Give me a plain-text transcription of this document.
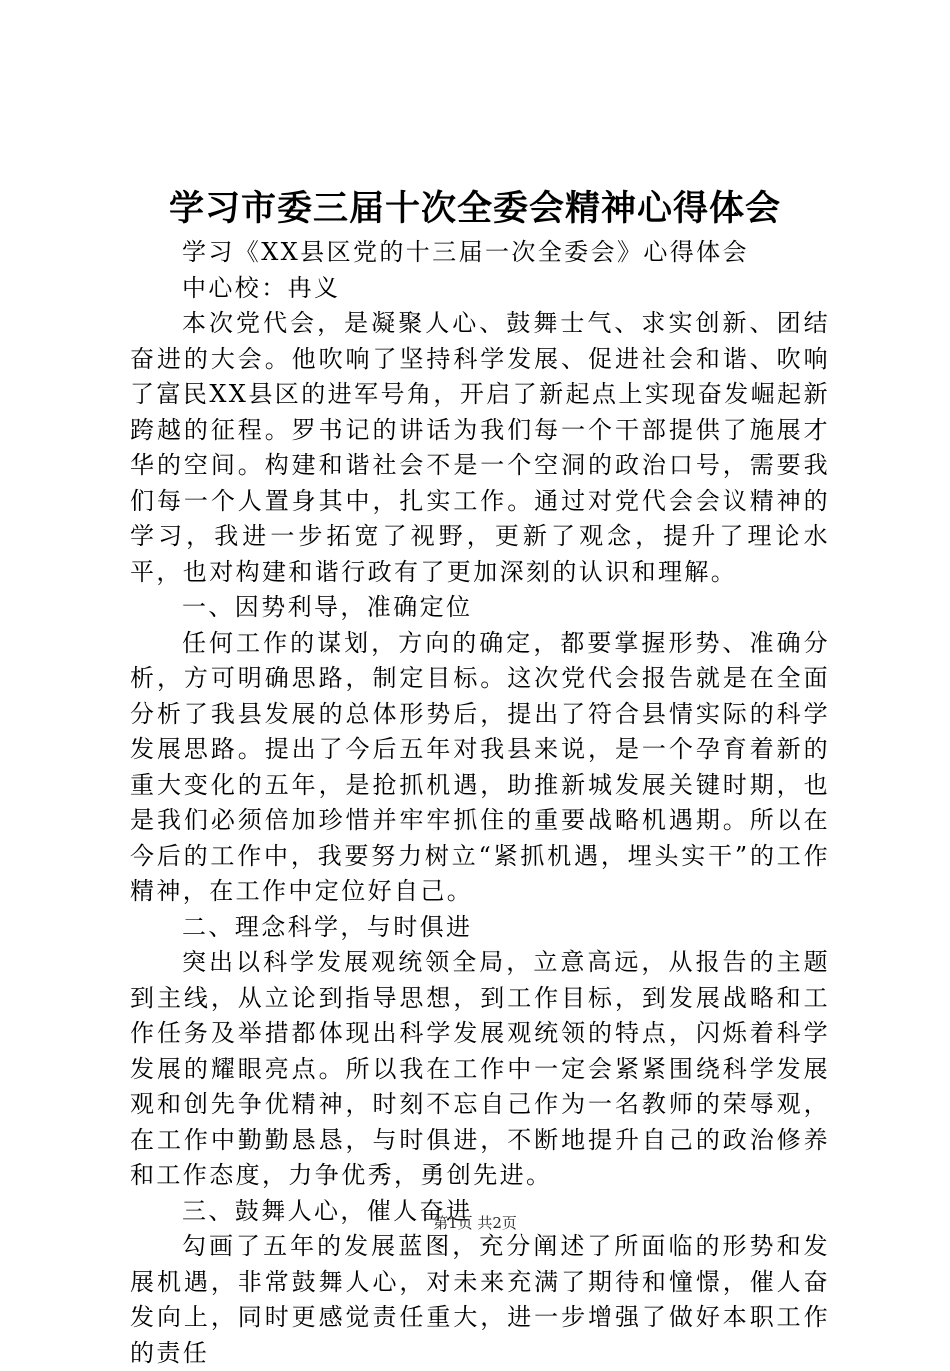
学习市委三届十次全委会精神心得体会

学习《XX县区党的十三届一次全委会》心得体会

中心校：冉义

本次党代会，是凝聚人心、鼓舞士气、求实创新、团结奋进的大会。他吹响了坚持科学发展、促进社会和谐、吹响了富民XX县区的进军号角，开启了新起点上实现奋发崛起新跨越的征程。罗书记的讲话为我们每一个干部提供了施展才华的空间。构建和谐社会不是一个空洞的政治口号，需要我们每一个人置身其中，扎实工作。通过对党代会会议精神的学习，我进一步拓宽了视野，更新了观念，提升了理论水平，也对构建和谐行政有了更加深刻的认识和理解。

一、因势利导，准确定位

任何工作的谋划，方向的确定，都要掌握形势、准确分析，方可明确思路，制定目标。这次党代会报告就是在全面分析了我县发展的总体形势后，提出了符合县情实际的科学发展思路。提出了今后五年对我县来说，是一个孕育着新的重大变化的五年，是抢抓机遇，助推新城发展关键时期，也是我们必须倍加珍惜并牢牢抓住的重要战略机遇期。所以在今后的工作中，我要努力树立“紧抓机遇，埋头实干”的工作精神，在工作中定位好自己。

二、理念科学，与时俱进

突出以科学发展观统领全局，立意高远，从报告的主题到主线，从立论到指导思想，到工作目标，到发展战略和工作任务及举措都体现出科学发展观统领的特点，闪烁着科学发展的耀眼亮点。所以我在工作中一定会紧紧围绕科学发展观和创先争优精神，时刻不忘自己作为一名教师的荣辱观，在工作中勤勤恳恳，与时俱进，不断地提升自己的政治修养和工作态度，力争优秀，勇创先进。

三、鼓舞人心，催人奋进

勾画了五年的发展蓝图，充分阐述了所面临的形势和发展机遇，非常鼓舞人心，对未来充满了期待和憧憬，催人奋发向上，同时更感觉责任重大，进一步增强了做好本职工作的责任

第1页 共2页
